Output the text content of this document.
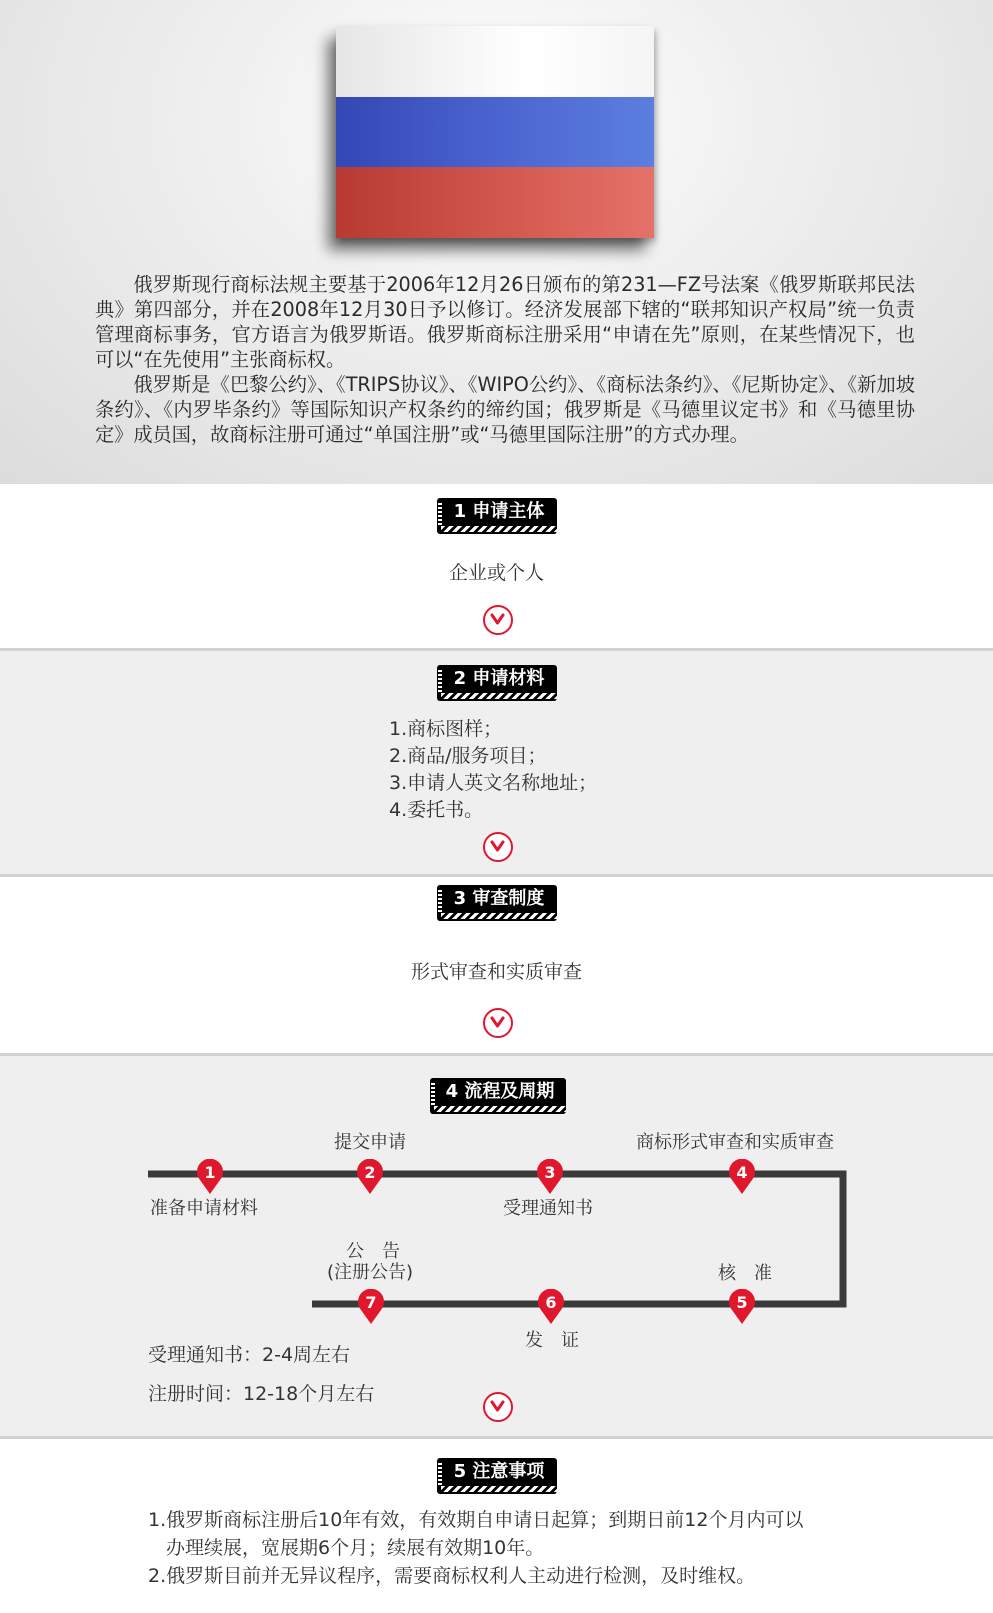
俄罗斯现行商标法规主要基于2006年12月26日颁布的第231—FZ号法案《俄罗斯联邦民法典》第四部分，并在2008年12月30日予以修订。经济发展部下辖的“联邦知识产权局”统一负责管理商标事务，官方语言为俄罗斯语。俄罗斯商标注册采用“申请在先”原则，在某些情况下，也可以“在先使用”主张商标权。

俄罗斯是《巴黎公约》、《TRIPS协议》、《WIPO公约》、《商标法条约》、《尼斯协定》、《新加坡条约》、《内罗毕条约》等国际知识产权条约的缔约国；俄罗斯是《马德里议定书》和《马德里协定》成员国，故商标注册可通过“单国注册”或“马德里国际注册”的方式办理。

1 申请主体
企业或个人
2 申请材料
1.商标图样；
2.商品/服务项目；
3.申请人英文名称地址；
4.委托书。
3 审查制度
形式审查和实质审查
4 流程及周期
1	2	3	4
5
6
7
准备申请材料
提交申请
受理通知书
商标形式审查和实质审查
核　准
发　证
公　告
(注册公告)
受理通知书：2-4周左右
注册时间：12-18个月左右
5 注意事项
1.俄罗斯商标注册后10年有效，有效期自申请日起算；到期日前12个月内可以
办理续展，宽展期6个月；续展有效期10年。
2.俄罗斯目前并无异议程序，需要商标权利人主动进行检测，及时维权。
